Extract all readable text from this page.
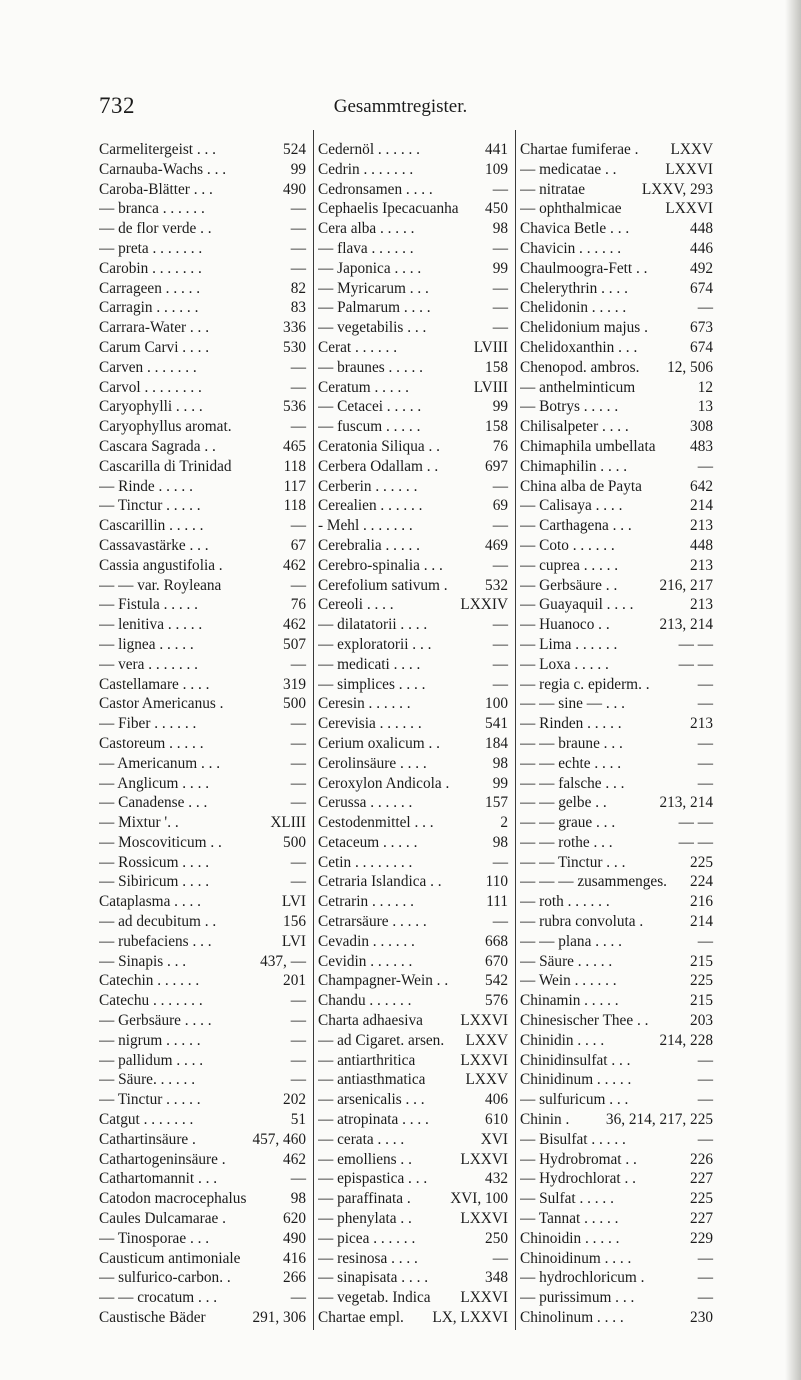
732	Gesammtregister.
Carmelitergeist . . .	524
Carnauba-Wachs . . .	99
Caroba-Blätter . . .	490
— branca . . . . . .	—
— de flor verde . .	—
— preta . . . . . . .	—
Carobin . . . . . . .	—
Carrageen . . . . .	82
Carragin . . . . . .	83
Carrara-Water . . .	336
Carum Carvi . . . .	530
Carven . . . . . . .	—
Carvol . . . . . . . .	—
Caryophylli . . . .	536
Caryophyllus aromat.	—
Cascara Sagrada . .	465
Cascarilla di Trinidad	118
— Rinde . . . . .	117
— Tinctur . . . . .	118
Cascarillin . . . . .	—
Cassavastärke . . .	67
Cassia angustifolia .	462
— — var. Royleana	—
— Fistula . . . . .	76
— lenitiva . . . . .	462
— lignea . . . . .	507
— vera . . . . . . .	—
Castellamare . . . .	319
Castor Americanus .	500
— Fiber . . . . . .	—
Castoreum . . . . .	—
— Americanum . . .	—
— Anglicum . . . .	—
— Canadense . . .	—
— Mixtur '. .	XLIII
— Moscoviticum . .	500
— Rossicum . . . .	—
— Sibiricum . . . .	—
Cataplasma . . . .	LVI
— ad decubitum . .	156
— rubefaciens . . .	LVI
— Sinapis . . .	437, —
Catechin . . . . . .	201
Catechu . . . . . . .	—
— Gerbsäure . . . .	—
— nigrum . . . . .	—
— pallidum . . . .	—
— Säure. . . . . .	—
— Tinctur . . . . .	202
Catgut . . . . . . .	51
Cathartinsäure .	457, 460
Cathartogeninsäure .	462
Cathartomannit . . .	—
Catodon macrocephalus	98
Caules Dulcamarae .	620
— Tinosporae . . .	490
Causticum antimoniale	416
— sulfurico-carbon. .	266
— — crocatum . . .	—
Caustische Bäder	291, 306
Cedernöl . . . . . .	441
Cedrin . . . . . . .	109
Cedronsamen . . . .	—
Cephaelis Ipecacuanha 450
Cera alba . . . . .	98
— flava . . . . . .	—
— Japonica . . . .	99
— Myricarum . . .	—
— Palmarum . . . .	—
— vegetabilis . . .	—
Cerat . . . . . .	LVIII
— braunes . . . . .	158
Ceratum . . . . .	LVIII
— Cetacei . . . . .	99
— fuscum . . . . .	158
Ceratonia Siliqua . .	76
Cerbera Odallam . .	697
Cerberin . . . . . .	—
Cerealien . . . . . .	69
- Mehl . . . . . . .	—
Cerebralia . . . . .	469
Cerebro-spinalia . . .	—
Cerefolium sativum . 532
Cereoli . . . .	LXXIV
— dilatatorii . . . .	—
— exploratorii . . .	—
— medicati . . . .	—
— simplices . . . .	—
Ceresin . . . . . .	100
Cerevisia . . . . . .	541
Cerium oxalicum . .	184
Cerolinsäure . . . .	98
Ceroxylon Andicola .	99
Cerussa . . . . . .	157
Cestodenmittel . . .	2
Cetaceum . . . . .	98
Cetin . . . . . . . .	—
Cetraria Islandica . .	110
Cetrarin . . . . . .	111
Cetrarsäure . . . . .	—
Cevadin . . . . . .	668
Cevidin . . . . . .	670
Champagner-Wein . . 542
Chandu . . . . . .	576
Charta adhaesiva LXXVI
— ad Cigaret. arsen. LXXV
— antiarthritica	LXXVI
— antiasthmatica	LXXV
— arsenicalis . . .	406
— atropinata . . . .	610
— cerata . . . .	XVI
— emolliens . .	LXXVI
— epispastica . . .	432
— paraffinata .	XVI, 100
— phenylata . .	LXXVI
— picea . . . . . .	250
— resinosa . . . .	—
— sinapisata . . . .	348
— vegetab. Indica LXXVI
Chartae empl. LX, LXXVI
Chartae fumiferae . LXXV
— medicatae . .	LXXVI
— nitratae	LXXV, 293
— ophthalmicae	LXXVI
Chavica Betle . . .	448
Chavicin . . . . . .	446
Chaulmoogra-Fett . .	492
Chelerythrin . . . .	674
Chelidonin . . . . .	—
Chelidonium majus .	673
Chelidoxanthin . . .	674
Chenopod. ambros. 12, 506
— anthelminticum	12
— Botrys . . . . .	13
Chilisalpeter . . . .	308
Chimaphila umbellata 483
Chimaphilin . . . .	—
China alba de Payta	642
— Calisaya . . . .	214
— Carthagena . . .	213
— Coto . . . . . .	448
— cuprea . . . . .	213
— Gerbsäure . .	216, 217
— Guayaquil . . . .	213
— Huanoco . .	213, 214
— Lima . . . . . .	— —
— Loxa . . . . .	— —
— regia c. epiderm. .	—
— — sine — . . .	—
— Rinden . . . . .	213
— — braune . . .	—
— — echte . . . .	—
— — falsche . . .	—
— — gelbe . .	213, 214
— — graue . . .	— —
— — rothe . . .	— —
— — Tinctur . . .	225
— — — zusammenges. 224
— roth . . . . . .	216
— rubra convoluta .	214
— — plana . . . .	—
— Säure . . . . .	215
— Wein . . . . . .	225
Chinamin . . . . .	215
Chinesischer Thee . .	203
Chinidin . . . .	214, 228
Chinidinsulfat . . .	—
Chinidinum . . . . .	—
— sulfuricum . . .	—
Chinin . 36, 214, 217, 225
— Bisulfat . . . . .	—
— Hydrobromat . .	226
— Hydrochlorat . .	227
— Sulfat . . . . .	225
— Tannat . . . . .	227
Chinoidin . . . . .	229
Chinoidinum . . . .	—
— hydrochloricum .	—
— purissimum . . .	—
Chinolinum . . . .	230
